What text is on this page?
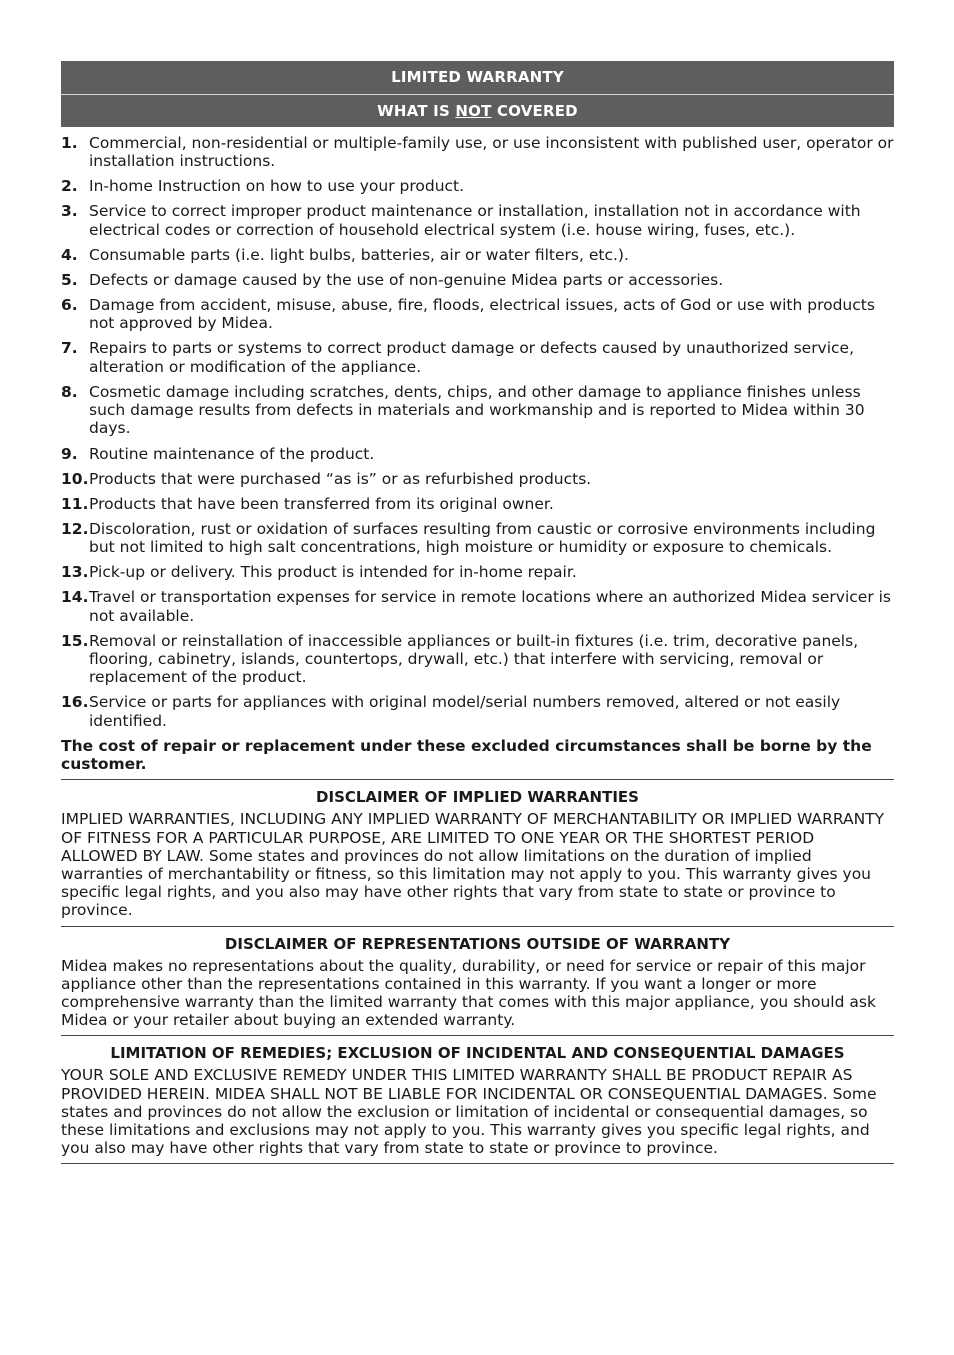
LIMITED WARRANTY
WHAT IS NOT COVERED
1. Commercial, non-residential or multiple-family use, or use inconsistent with published user, operator or installation instructions.
2. In-home Instruction on how to use your product.
3. Service to correct improper product maintenance or installation, installation not in accordance with electrical codes or correction of household electrical system (i.e. house wiring, fuses, etc.).
4. Consumable parts (i.e. light bulbs, batteries, air or water filters, etc.).
5. Defects or damage caused by the use of non-genuine Midea parts or accessories.
6. Damage from accident, misuse, abuse, fire, floods, electrical issues, acts of God or use with products not approved by Midea.
7. Repairs to parts or systems to correct product damage or defects caused by unauthorized service, alteration or modification of the appliance.
8. Cosmetic damage including scratches, dents, chips, and other damage to appliance finishes unless such damage results from defects in materials and workmanship and is reported to Midea within 30 days.
9. Routine maintenance of the product.
10. Products that were purchased “as is” or as refurbished products.
11. Products that have been transferred from its original owner.
12. Discoloration, rust or oxidation of surfaces resulting from caustic or corrosive environments including but not limited to high salt concentrations, high moisture or humidity or exposure to chemicals.
13. Pick-up or delivery. This product is intended for in-home repair.
14. Travel or transportation expenses for service in remote locations where an authorized Midea servicer is not available.
15. Removal or reinstallation of inaccessible appliances or built-in fixtures (i.e. trim, decorative panels, flooring, cabinetry, islands, countertops, drywall, etc.) that interfere with servicing, removal or replacement of the product.
16. Service or parts for appliances with original model/serial numbers removed, altered or not easily identified.

The cost of repair or replacement under these excluded circumstances shall be borne by the customer.

DISCLAIMER OF IMPLIED WARRANTIES

IMPLIED WARRANTIES, INCLUDING ANY IMPLIED WARRANTY OF MERCHANTABILITY OR IMPLIED WARRANTY OF FITNESS FOR A PARTICULAR PURPOSE, ARE LIMITED TO ONE YEAR OR THE SHORTEST PERIOD ALLOWED BY LAW. Some states and provinces do not allow limitations on the duration of implied warranties of merchantability or fitness, so this limitation may not apply to you. This warranty gives you specific legal rights, and you also may have other rights that vary from state to state or province to province.

DISCLAIMER OF REPRESENTATIONS OUTSIDE OF WARRANTY

Midea makes no representations about the quality, durability, or need for service or repair of this major appliance other than the representations contained in this warranty. If you want a longer or more comprehensive warranty than the limited warranty that comes with this major appliance, you should ask Midea or your retailer about buying an extended warranty.

LIMITATION OF REMEDIES; EXCLUSION OF INCIDENTAL AND CONSEQUENTIAL DAMAGES

YOUR SOLE AND EXCLUSIVE REMEDY UNDER THIS LIMITED WARRANTY SHALL BE PRODUCT REPAIR AS PROVIDED HEREIN. MIDEA SHALL NOT BE LIABLE FOR INCIDENTAL OR CONSEQUENTIAL DAMAGES. Some states and provinces do not allow the exclusion or limitation of incidental or consequential damages, so these limitations and exclusions may not apply to you. This warranty gives you specific legal rights, and you also may have other rights that vary from state to state or province to province.
